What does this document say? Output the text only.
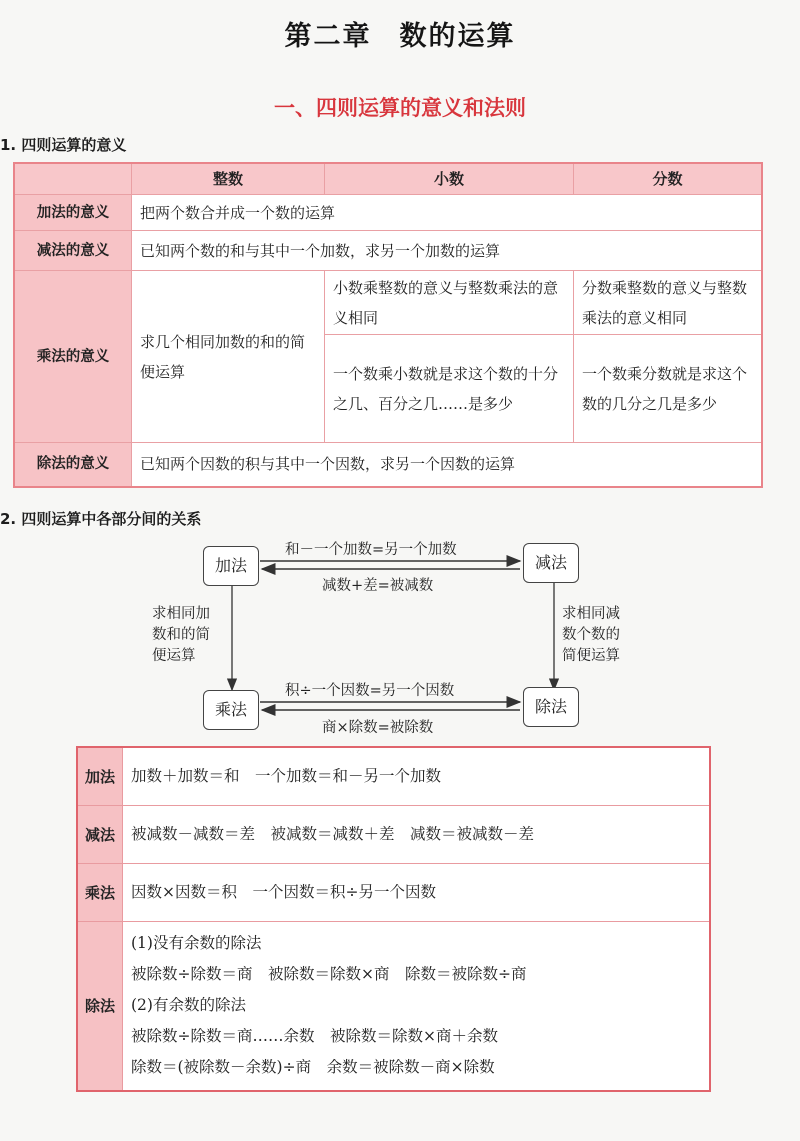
第二章 数的运算
一、四则运算的意义和法则
1. 四则运算的意义
	整数	小数	分数
加法的意义	把两个数合并成一个数的运算		
减法的意义	已知两个数的和与其中一个加数，求另一个加数的运算		
乘法的意义	求几个相同加数的和的简便运算	小数乘整数的意义与整数乘法的意义相同	分数乘整数的意义与整数乘法的意义相同
		一个数乘小数就是求这个数的十分之几、百分之几……是多少	一个数乘分数就是求这个数的几分之几是多少
除法的意义	已知两个因数的积与其中一个因数，求另一个因数的运算		
2. 四则运算中各部分间的关系
加法	减法
乘法	除法
和－一个加数=另一个加数
减数+差=被减数
求相同加
数和的简
便运算
求相同减
数个数的
简便运算
积÷一个因数=另一个因数
商×除数=被除数
加法	加数＋加数＝和　一个加数＝和－另一个加数
减法	被减数－减数＝差　被减数＝减数＋差　减数＝被减数－差
乘法	因数×因数＝积　一个因数＝积÷另一个因数
除法	(1)没有余数的除法
被除数÷除数＝商　被除数＝除数×商　除数＝被除数÷商
(2)有余数的除法
被除数÷除数＝商……余数　被除数＝除数×商＋余数
除数＝(被除数－余数)÷商　余数＝被除数－商×除数
